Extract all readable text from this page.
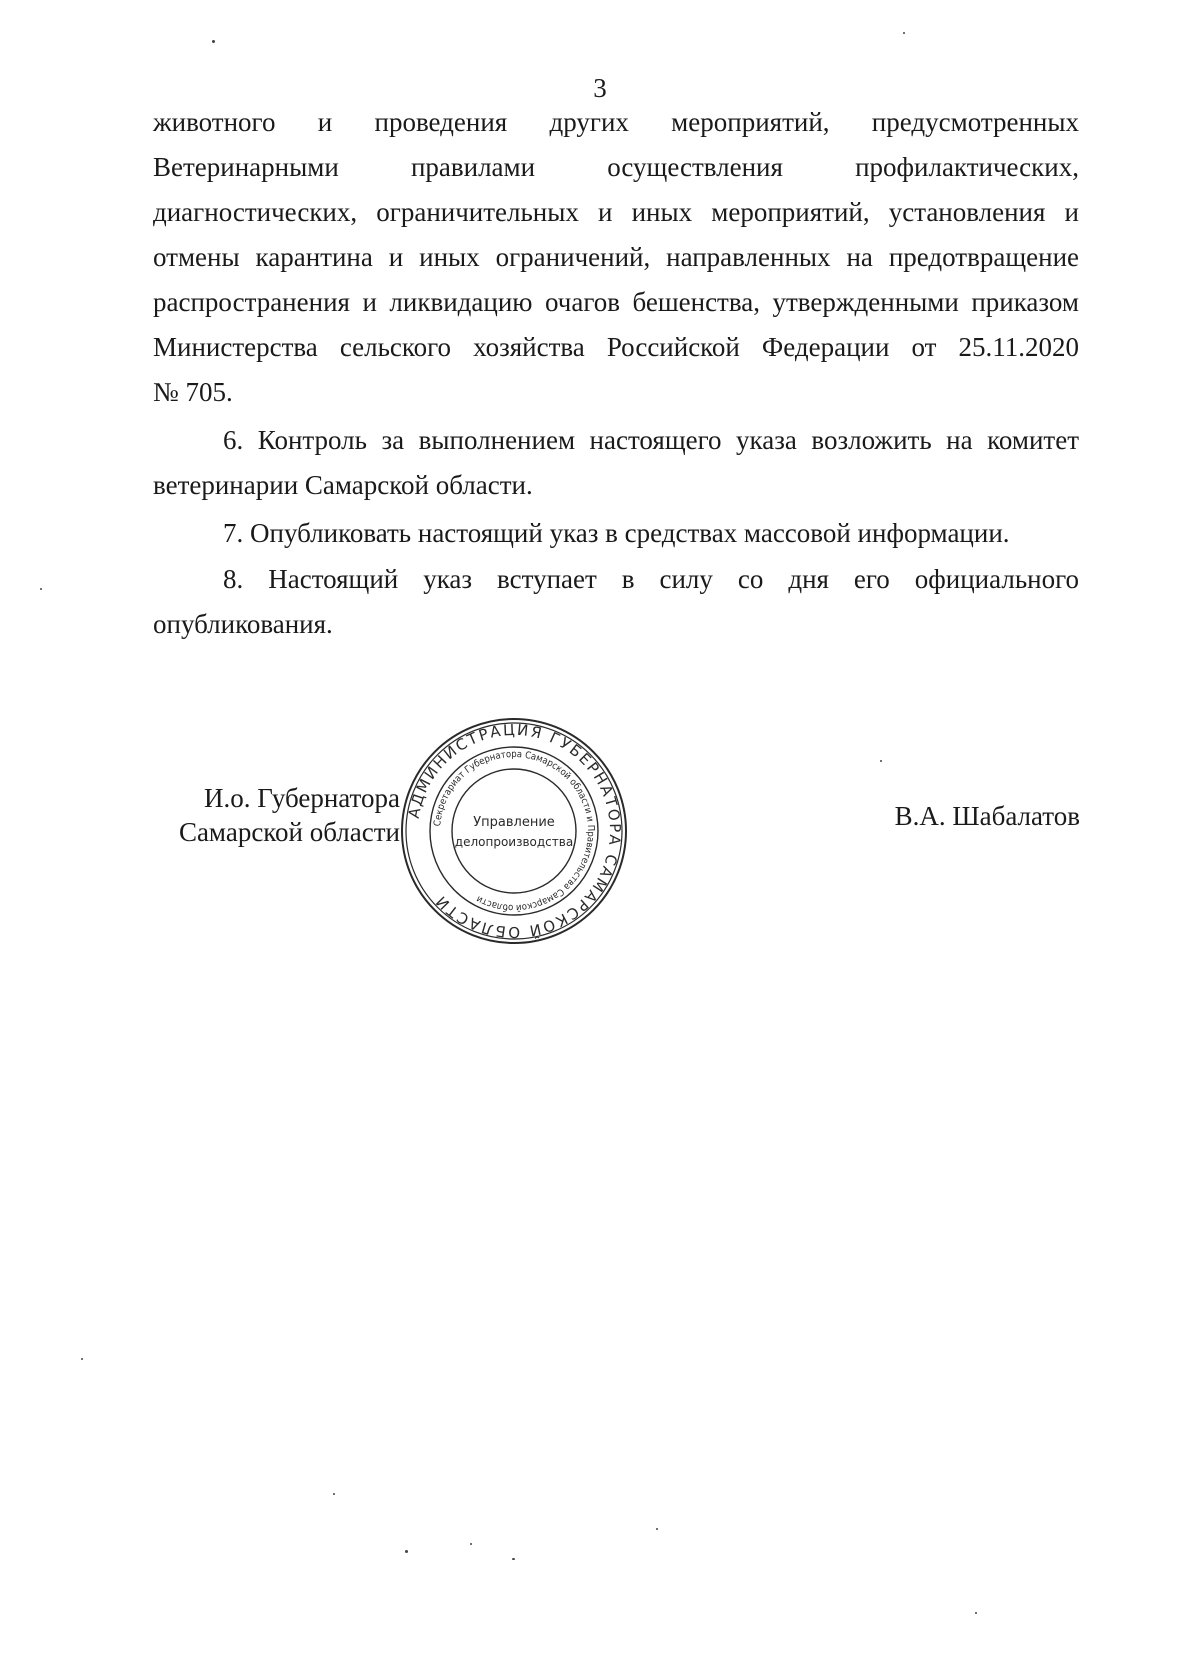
3
животного и проведения других мероприятий, предусмотренных
Ветеринарными правилами осуществления профилактических,
диагностических, ограничительных и иных мероприятий, установления и
отмены карантина и иных ограничений, направленных на предотвращение
распространения и ликвидацию очагов бешенства, утвержденными приказом
Министерства сельского хозяйства Российской Федерации от 25.11.2020
№ 705.
6. Контроль за выполнением настоящего указа возложить на комитет
ветеринарии Самарской области.
7. Опубликовать настоящий указ в средствах массовой информации.
8. Настоящий указ вступает в силу со дня его официального
опубликования.
И.о. Губернатора
Самарской области
В.А. Шабалатов
АДМИНИСТРАЦИЯ ГУБЕРНАТОРА САМАРСКОЙ ОБЛАСТИ
Секретариат Губернатора Самарской области и Правительства Самарской области
Управление
делопроизводства
